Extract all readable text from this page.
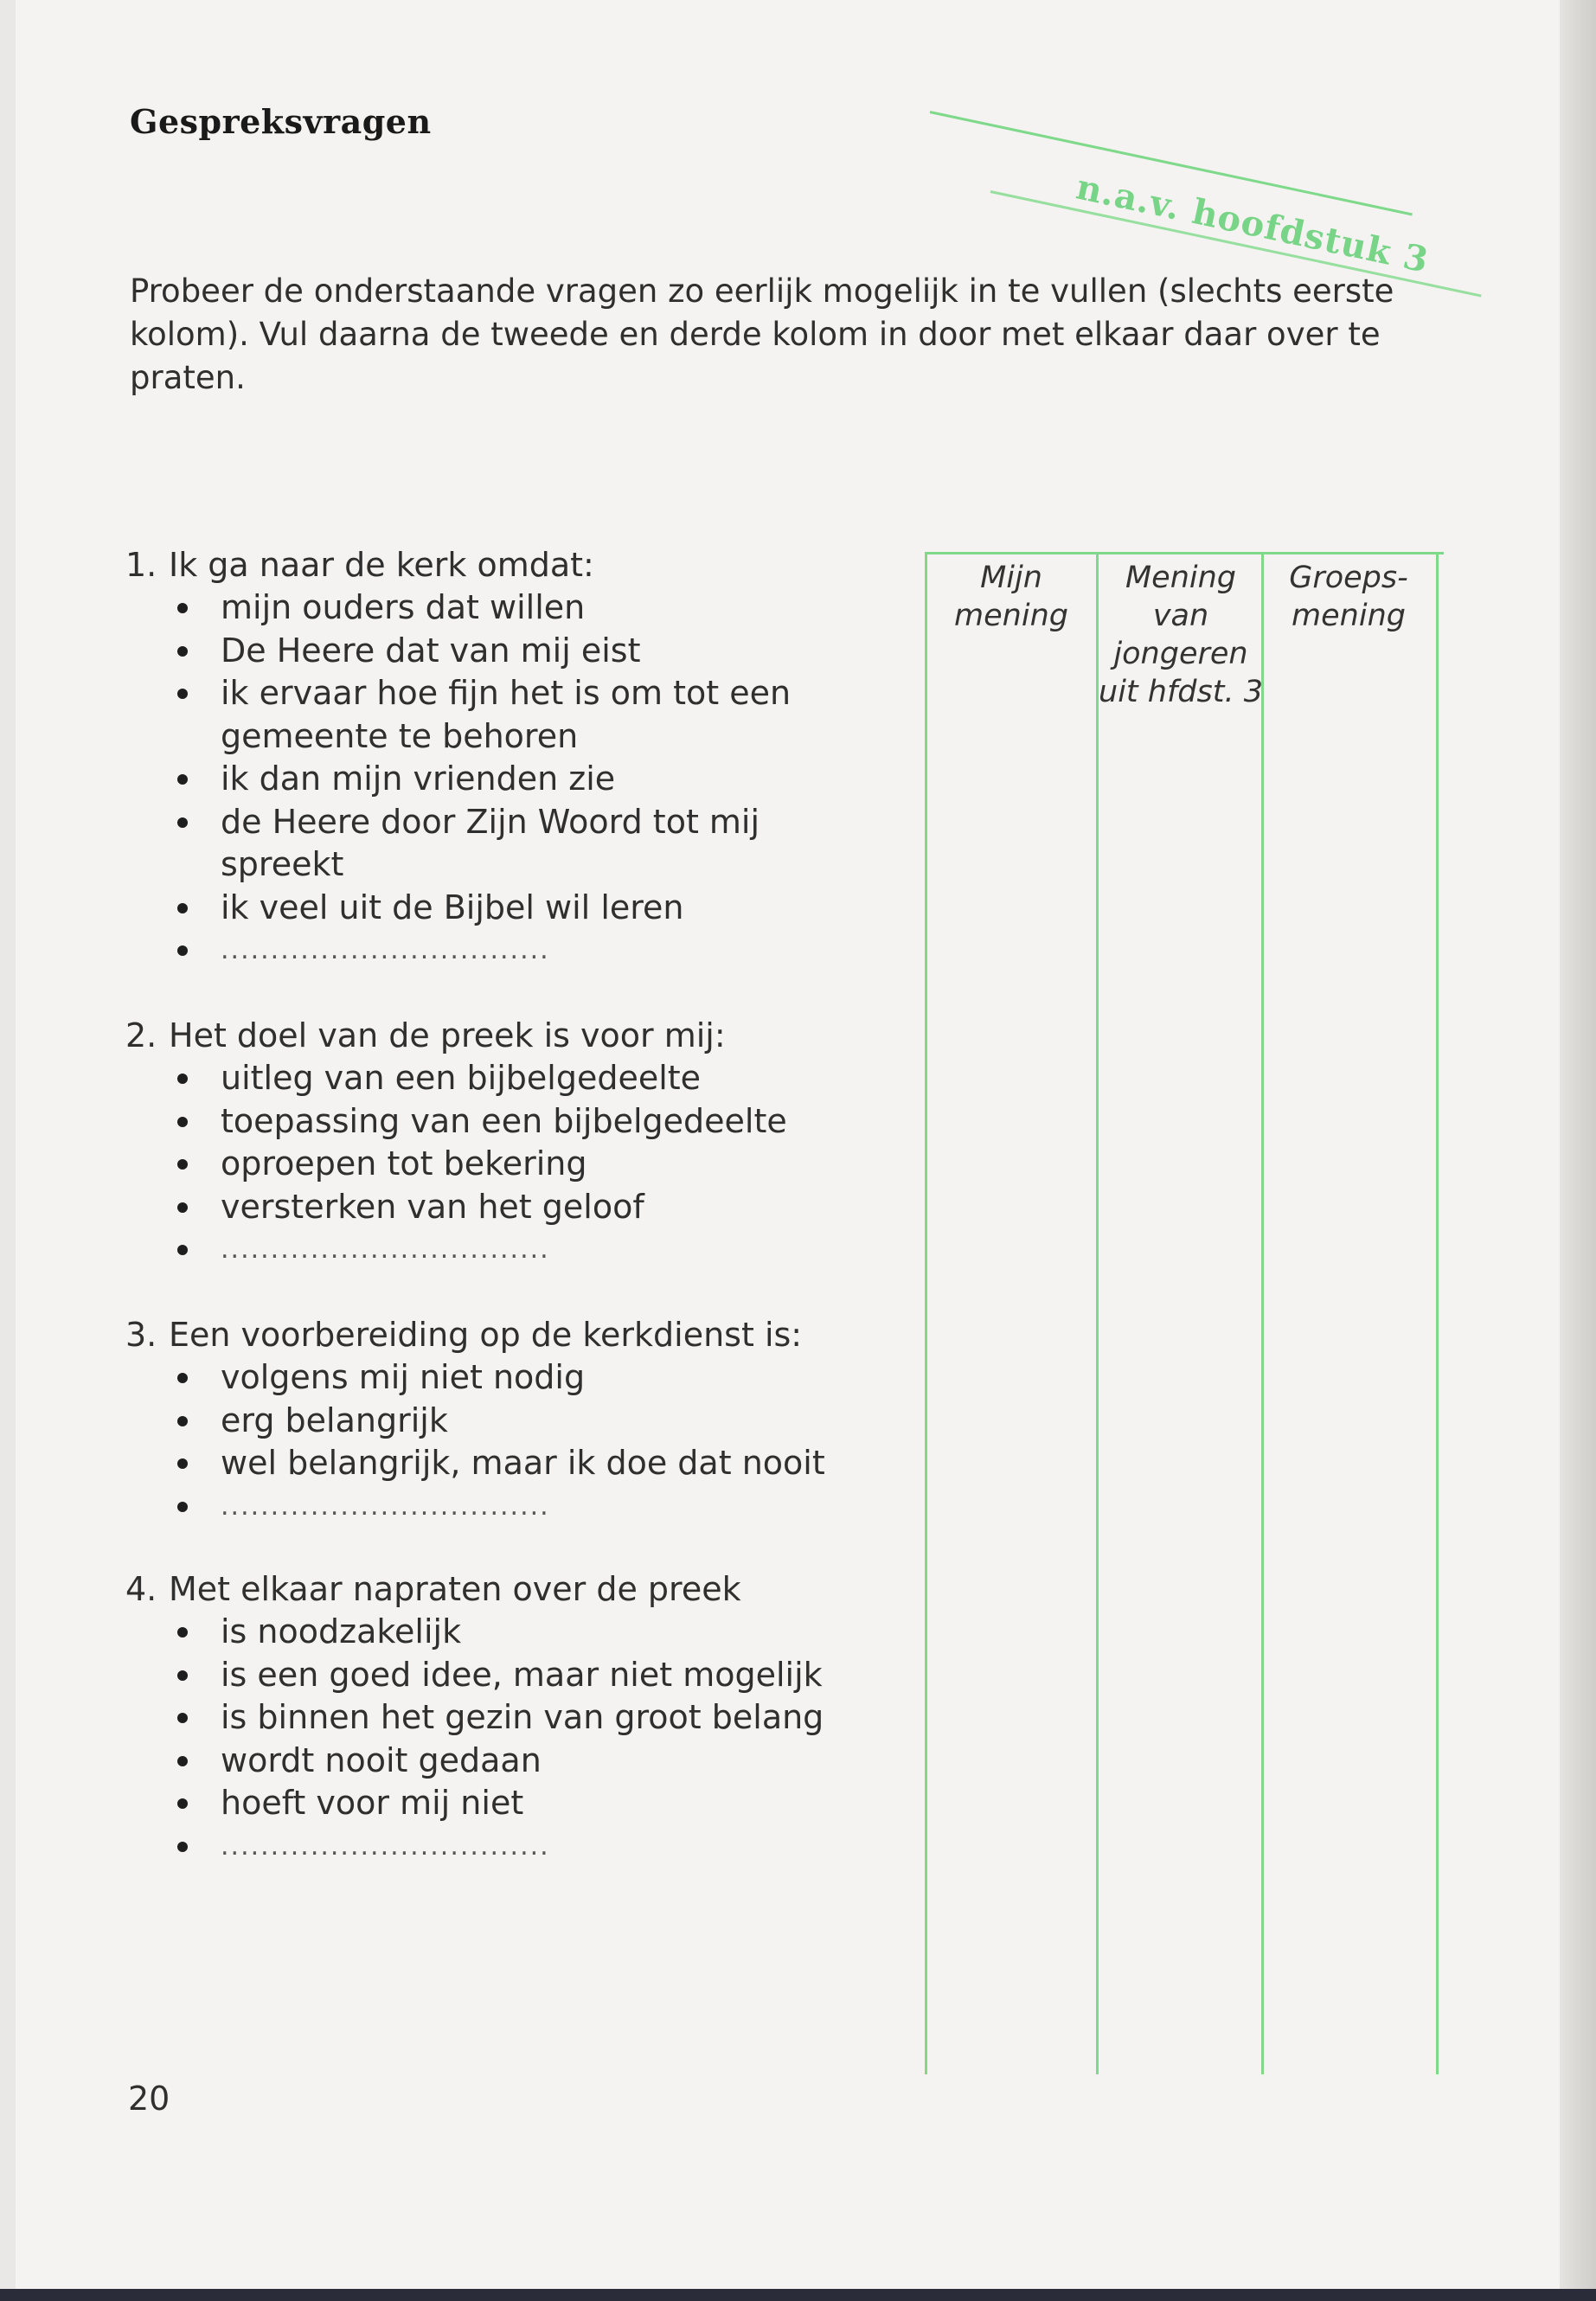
Gespreksvragen
n.a.v. hoofdstuk 3
Probeer de onderstaande vragen zo eerlijk mogelijk in te vullen (slechts eerste kolom). Vul daarna de tweede en derde kolom in door met elkaar daar over te praten.
1. Ik ga naar de kerk omdat:
mijn ouders dat willen
De Heere dat van mij eist
ik ervaar hoe fijn het is om tot een gemeente te behoren
ik dan mijn vrienden zie
de Heere door Zijn Woord tot mij spreekt
ik veel uit de Bijbel wil leren
.................................
2. Het doel van de preek is voor mij:
uitleg van een bijbelgedeelte
toepassing van een bijbelgedeelte
oproepen tot bekering
versterken van het geloof
.................................
3. Een voorbereiding op de kerkdienst is:
volgens mij niet nodig
erg belangrijk
wel belangrijk, maar ik doe dat nooit
.................................
4. Met elkaar napraten over de preek
is noodzakelijk
is een goed idee, maar niet mogelijk
is binnen het gezin van groot belang
wordt nooit gedaan
hoeft voor mij niet
.................................
Mijn
mening
Mening
van
jongeren
uit hfdst. 3
Groeps-
mening
20
